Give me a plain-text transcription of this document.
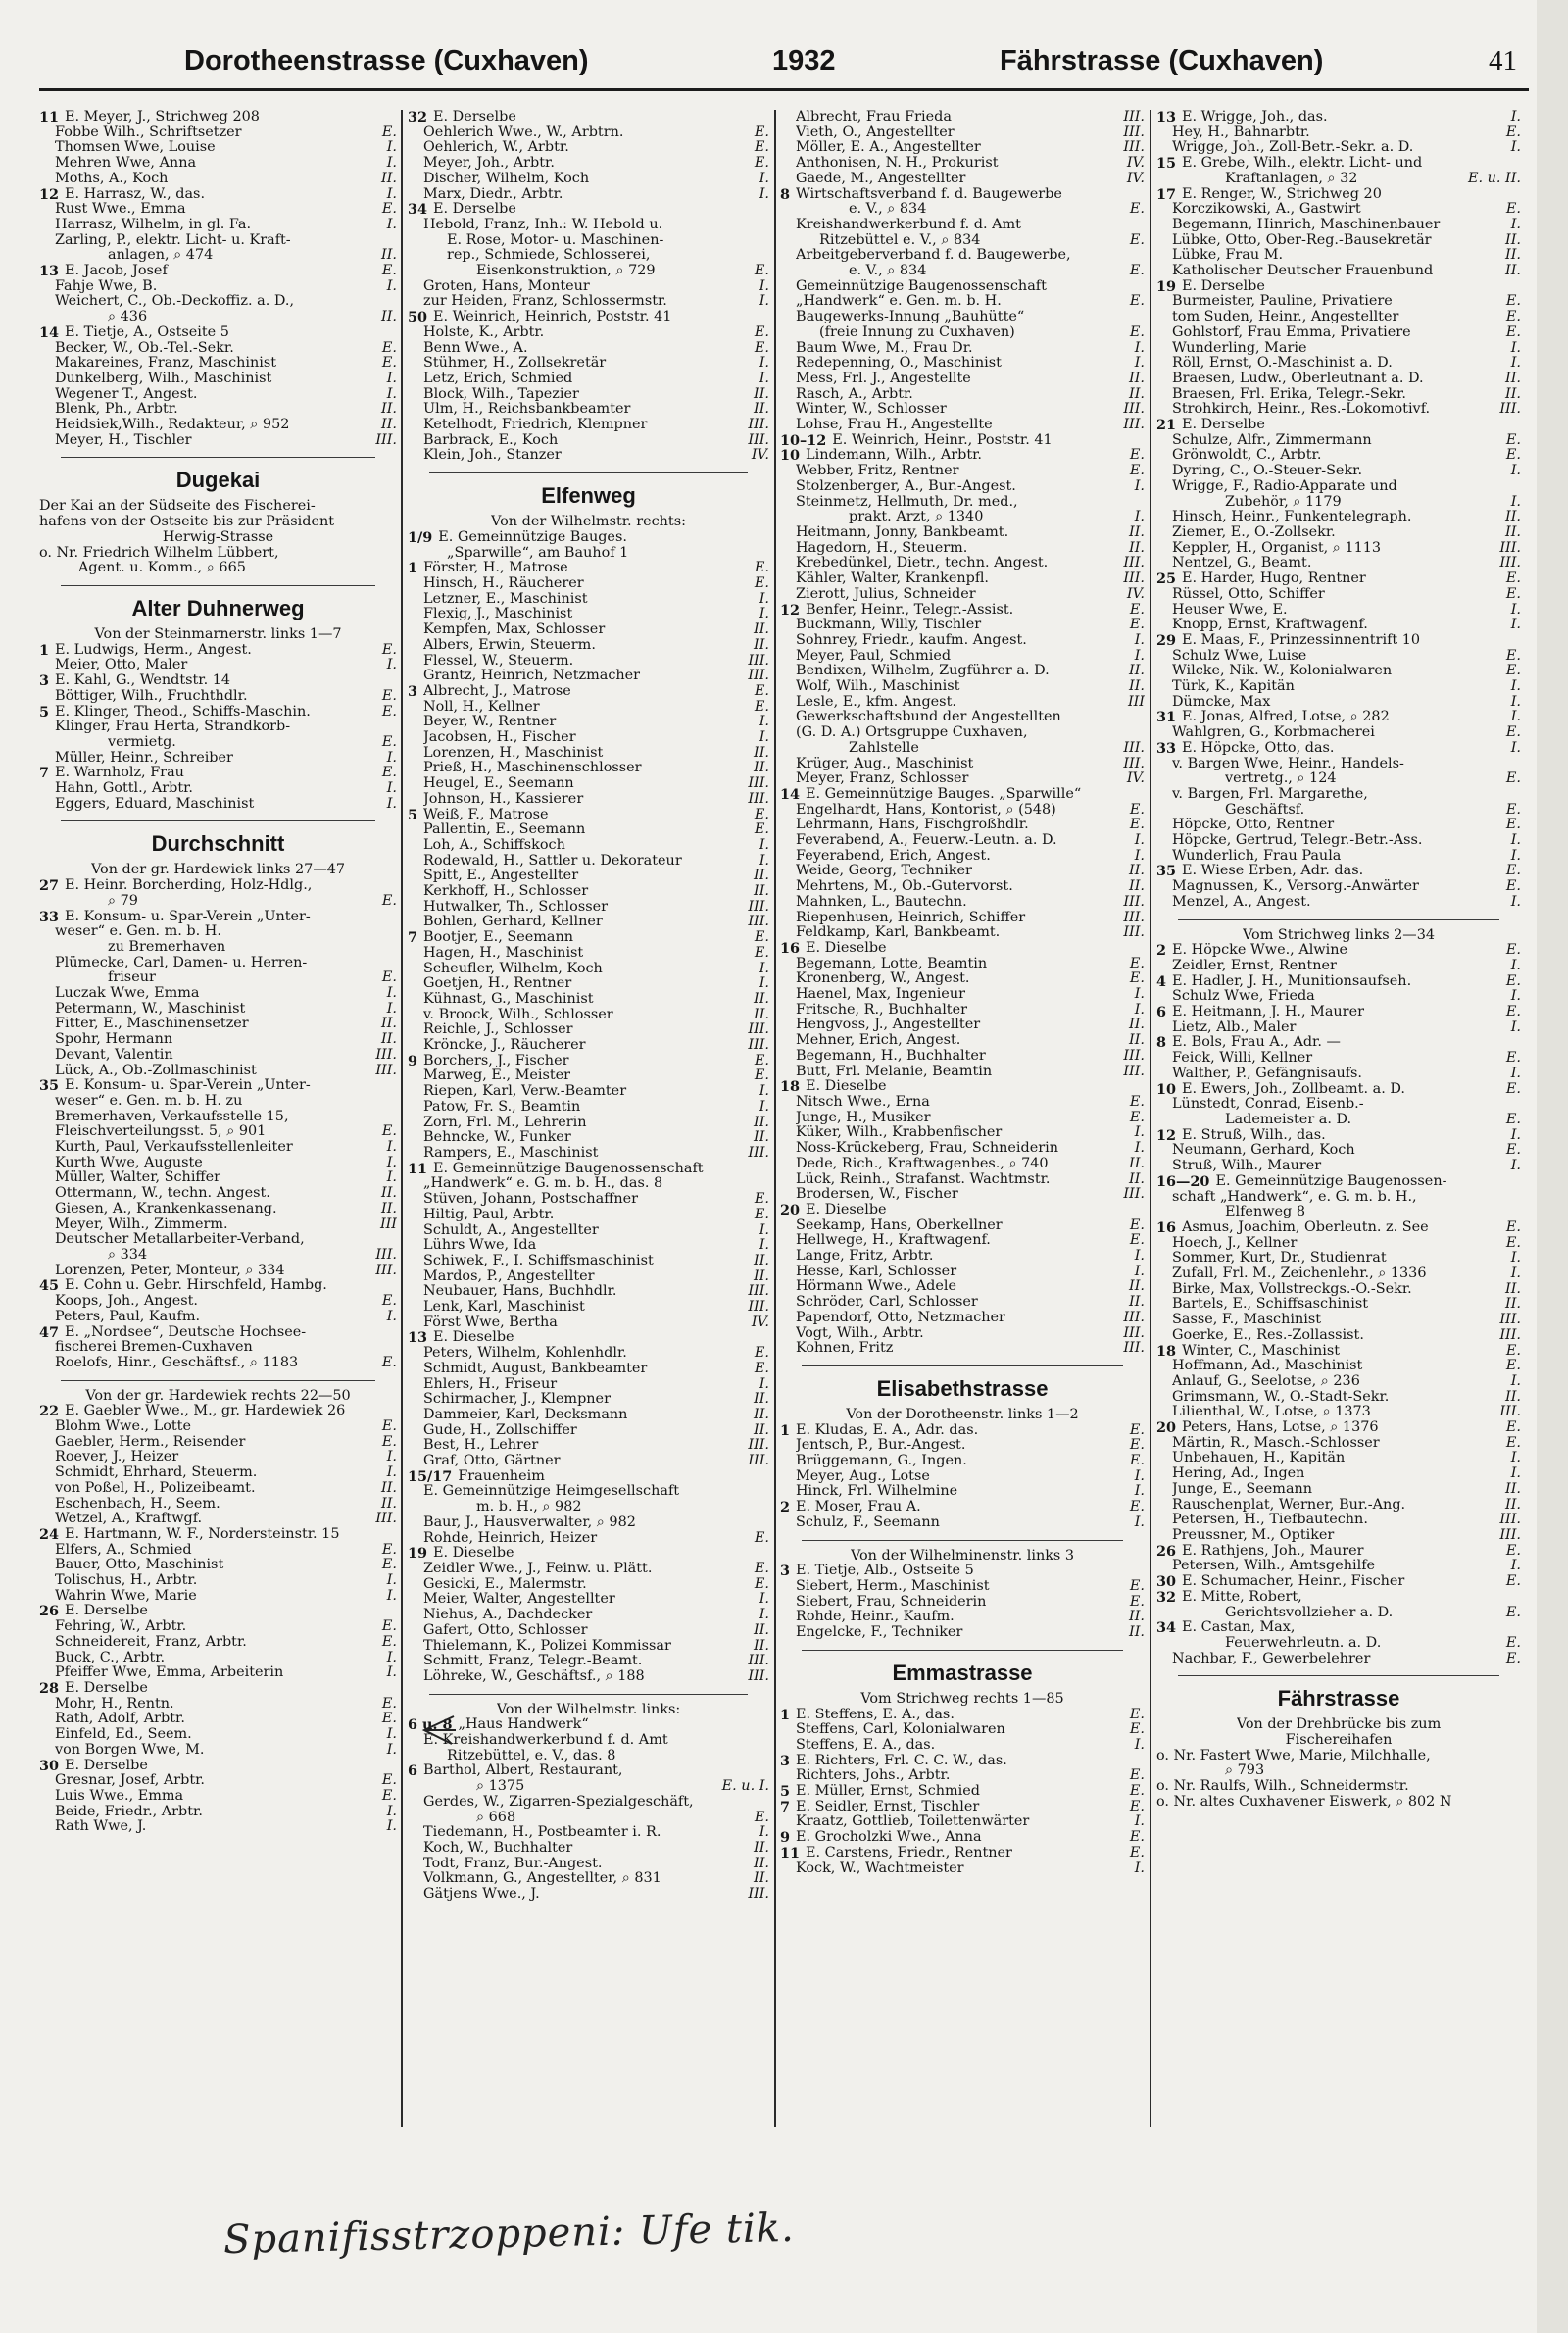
Dorotheenstrasse (Cuxhaven)	1932	Fährstrasse (Cuxhaven)	41
11 E. Meyer, J., Strichweg 208
Fobbe Wilh., Schriftsetzer	E.
Thomsen Wwe, Louise	I.
Mehren Wwe, Anna	I.
Moths, A., Koch	II.
12 E. Harrasz, W., das.	I.
Rust Wwe., Emma	E.
Harrasz, Wilhelm, in gl. Fa.	I.
Zarling, P., elektr. Licht- u. Kraft-
anlagen, ⌕ 474	II.
13 E. Jacob, Josef	E.
Fahje Wwe, B.	I.
Weichert, C., Ob.-Deckoffiz. a. D.,
⌕ 436	II.
14 E. Tietje, A., Ostseite 5
Becker, W., Ob.-Tel.-Sekr.	E.
Makareines, Franz, Maschinist	E.
Dunkelberg, Wilh., Maschinist	I.
Wegener T., Angest.	I.
Blenk, Ph., Arbtr.	II.
Heidsiek,Wilh., Redakteur, ⌕ 952	II.
Meyer, H., Tischler	III.
Dugekai
Der Kai an der Südseite des Fischerei-
hafens von der Ostseite bis zur Präsident
Herwig-Strasse
o. Nr. Friedrich Wilhelm Lübbert,
Agent. u. Komm., ⌕ 665
Alter Duhnerweg
Von der Steinmarnerstr. links 1—7
1 E. Ludwigs, Herm., Angest.	E.
Meier, Otto, Maler	I.
3 E. Kahl, G., Wendtstr. 14
Böttiger, Wilh., Fruchthdlr.	E.
5 E. Klinger, Theod., Schiffs-Maschin.	E.
Klinger, Frau Herta, Strandkorb-
vermietg.	E.
Müller, Heinr., Schreiber	I.
7 E. Warnholz, Frau	E.
Hahn, Gottl., Arbtr.	I.
Eggers, Eduard, Maschinist	I.
Durchschnitt
Von der gr. Hardewiek links 27—47
27 E. Heinr. Borcherding, Holz-Hdlg.,
⌕ 79	E.
33 E. Konsum- u. Spar-Verein „Unter-
weser“ e. Gen. m. b. H.
zu Bremerhaven
Plümecke, Carl, Damen- u. Herren-
friseur	E.
Luczak Wwe, Emma	I.
Petermann, W., Maschinist	I.
Fitter, E., Maschinensetzer	II.
Spohr, Hermann	II.
Devant, Valentin	III.
Lück, A., Ob.-Zollmaschinist	III.
35 E. Konsum- u. Spar-Verein „Unter-
weser“ e. Gen. m. b. H. zu
Bremerhaven, Verkaufsstelle 15,
Fleischverteilungsst. 5, ⌕ 901	E.
Kurth, Paul, Verkaufsstellenleiter	I.
Kurth Wwe, Auguste	I.
Müller, Walter, Schiffer	I.
Ottermann, W., techn. Angest.	II.
Giesen, A., Krankenkassenang.	II.
Meyer, Wilh., Zimmerm.	III
Deutscher Metallarbeiter-Verband,
⌕ 334	III.
Lorenzen, Peter, Monteur, ⌕ 334	III.
45 E. Cohn u. Gebr. Hirschfeld, Hambg.
Koops, Joh., Angest.	E.
Peters, Paul, Kaufm.	I.
47 E. „Nordsee“, Deutsche Hochsee-
fischerei Bremen-Cuxhaven
Roelofs, Hinr., Geschäftsf., ⌕ 1183	E.
Von der gr. Hardewiek rechts 22—50
22 E. Gaebler Wwe., M., gr. Hardewiek 26
Blohm Wwe., Lotte	E.
Gaebler, Herm., Reisender	E.
Roever, J., Heizer	I.
Schmidt, Ehrhard, Steuerm.	I.
von Poßel, H., Polizeibeamt.	II.
Eschenbach, H., Seem.	II.
Wetzel, A., Kraftwgf.	III.
24 E. Hartmann, W. F., Nordersteinstr. 15
Elfers, A., Schmied	E.
Bauer, Otto, Maschinist	E.
Tolischus, H., Arbtr.	I.
Wahrin Wwe, Marie	I.
26 E. Derselbe
Fehring, W., Arbtr.	E.
Schneidereit, Franz, Arbtr.	E.
Buck, C., Arbtr.	I.
Pfeiffer Wwe, Emma, Arbeiterin	I.
28 E. Derselbe
Mohr, H., Rentn.	E.
Rath, Adolf, Arbtr.	E.
Einfeld, Ed., Seem.	I.
von Borgen Wwe, M.	I.
30 E. Derselbe
Gresnar, Josef, Arbtr.	E.
Luis Wwe., Emma	E.
Beide, Friedr., Arbtr.	I.
Rath Wwe, J.	I.
32 E. Derselbe
Oehlerich Wwe., W., Arbtrn.	E.
Oehlerich, W., Arbtr.	E.
Meyer, Joh., Arbtr.	E.
Discher, Wilhelm, Koch	I.
Marx, Diedr., Arbtr.	I.
34 E. Derselbe
Hebold, Franz, Inh.: W. Hebold u.
E. Rose, Motor- u. Maschinen-
rep., Schmiede, Schlosserei,
Eisenkonstruktion, ⌕ 729	E.
Groten, Hans, Monteur	I.
zur Heiden, Franz, Schlossermstr.	I.
50 E. Weinrich, Heinrich, Poststr. 41
Holste, K., Arbtr.	E.
Benn Wwe., A.	E.
Stühmer, H., Zollsekretär	I.
Letz, Erich, Schmied	I.
Block, Wilh., Tapezier	II.
Ulm, H., Reichsbankbeamter	II.
Ketelhodt, Friedrich, Klempner	III.
Barbrack, E., Koch	III.
Klein, Joh., Stanzer	IV.
Elfenweg
Von der Wilhelmstr. rechts:
1/9 E. Gemeinnützige Bauges.
„Sparwille“, am Bauhof 1
1 Förster, H., Matrose	E.
Hinsch, H., Räucherer	E.
Letzner, E., Maschinist	I.
Flexig, J., Maschinist	I.
Kempfen, Max, Schlosser	II.
Albers, Erwin, Steuerm.	II.
Flessel, W., Steuerm.	III.
Grantz, Heinrich, Netzmacher	III.
3 Albrecht, J., Matrose	E.
Noll, H., Kellner	E.
Beyer, W., Rentner	I.
Jacobsen, H., Fischer	I.
Lorenzen, H., Maschinist	II.
Prieß, H., Maschinenschlosser	II.
Heugel, E., Seemann	III.
Johnson, H., Kassierer	III.
5 Weiß, F., Matrose	E.
Pallentin, E., Seemann	E.
Loh, A., Schiffskoch	I.
Rodewald, H., Sattler u. Dekorateur	I.
Spitt, E., Angestellter	II.
Kerkhoff, H., Schlosser	II.
Hutwalker, Th., Schlosser	III.
Bohlen, Gerhard, Kellner	III.
7 Bootjer, E., Seemann	E.
Hagen, H., Maschinist	E.
Scheufler, Wilhelm, Koch	I.
Goetjen, H., Rentner	I.
Kühnast, G., Maschinist	II.
v. Broock, Wilh., Schlosser	II.
Reichle, J., Schlosser	III.
Kröncke, J., Räucherer	III.
9 Borchers, J., Fischer	E.
Marweg, E., Meister	E.
Riepen, Karl, Verw.-Beamter	I.
Patow, Fr. S., Beamtin	I.
Zorn, Frl. M., Lehrerin	II.
Behncke, W., Funker	II.
Rampers, E., Maschinist	III.
11 E. Gemeinnützige Baugenossenschaft
„Handwerk“ e. G. m. b. H., das. 8
Stüven, Johann, Postschaffner	E.
Hiltig, Paul, Arbtr.	E.
Schuldt, A., Angestellter	I.
Lührs Wwe, Ida	I.
Schiwek, F., I. Schiffsmaschinist	II.
Mardos, P., Angestellter	II.
Neubauer, Hans, Buchhdlr.	III.
Lenk, Karl, Maschinist	III.
Först Wwe, Bertha	IV.
13 E. Dieselbe
Peters, Wilhelm, Kohlenhdlr.	E.
Schmidt, August, Bankbeamter	E.
Ehlers, H., Friseur	I.
Schirmacher, J., Klempner	II.
Dammeier, Karl, Decksmann	II.
Gude, H., Zollschiffer	II.
Best, H., Lehrer	III.
Graf, Otto, Gärtner	III.
15/17 Frauenheim
E. Gemeinnützige Heimgesellschaft
m. b. H., ⌕ 982
Baur, J., Hausverwalter, ⌕ 982
Rohde, Heinrich, Heizer	E.
19 E. Dieselbe
Zeidler Wwe., J., Feinw. u. Plätt.	E.
Gesicki, E., Malermstr.	E.
Meier, Walter, Angestellter	I.
Niehus, A., Dachdecker	I.
Gafert, Otto, Schlosser	II.
Thielemann, K., Polizei Kommissar	II.
Schmitt, Franz, Telegr.-Beamt.	III.
Löhreke, W., Geschäftsf., ⌕ 188	III.
Von der Wilhelmstr. links:
6 u. 8 „Haus Handwerk“
E. Kreishandwerkerbund f. d. Amt
Ritzebüttel, e. V., das. 8
6 Barthol, Albert, Restaurant,
⌕ 1375	E. u. I.
Gerdes, W., Zigarren-Spezialgeschäft,
⌕ 668	E.
Tiedemann, H., Postbeamter i. R.	I.
Koch, W., Buchhalter	II.
Todt, Franz, Bur.-Angest.	II.
Volkmann, G., Angestellter, ⌕ 831	II.
Gätjens Wwe., J.	III.
Albrecht, Frau Frieda	III.
Vieth, O., Angestellter	III.
Möller, E. A., Angestellter	III.
Anthonisen, N. H., Prokurist	IV.
Gaede, M., Angestellter	IV.
8 Wirtschaftsverband f. d. Baugewerbe
e. V., ⌕ 834	E.
Kreishandwerkerbund f. d. Amt
Ritzebüttel e. V., ⌕ 834	E.
Arbeitgeberverband f. d. Baugewerbe,
e. V., ⌕ 834	E.
Gemeinnützige Baugenossenschaft
„Handwerk“ e. Gen. m. b. H.	E.
Baugewerks-Innung „Bauhütte“
(freie Innung zu Cuxhaven)	E.
Baum Wwe, M., Frau Dr.	I.
Redepenning, O., Maschinist	I.
Mess, Frl. J., Angestellte	II.
Rasch, A., Arbtr.	II.
Winter, W., Schlosser	III.
Lohse, Frau H., Angestellte	III.
10–12 E. Weinrich, Heinr., Poststr. 41
10 Lindemann, Wilh., Arbtr.	E.
Webber, Fritz, Rentner	E.
Stolzenberger, A., Bur.-Angest.	I.
Steinmetz, Hellmuth, Dr. med.,
prakt. Arzt, ⌕ 1340	I.
Heitmann, Jonny, Bankbeamt.	II.
Hagedorn, H., Steuerm.	II.
Krebedünkel, Dietr., techn. Angest.	III.
Kähler, Walter, Krankenpfl.	III.
Zierott, Julius, Schneider	IV.
12 Benfer, Heinr., Telegr.-Assist.	E.
Buckmann, Willy, Tischler	E.
Sohnrey, Friedr., kaufm. Angest.	I.
Meyer, Paul, Schmied	I.
Bendixen, Wilhelm, Zugführer a. D.	II.
Wolf, Wilh., Maschinist	II.
Lesle, E., kfm. Angest.	III
Gewerkschaftsbund der Angestellten
(G. D. A.) Ortsgruppe Cuxhaven,
Zahlstelle	III.
Krüger, Aug., Maschinist	III.
Meyer, Franz, Schlosser	IV.
14 E. Gemeinnützige Bauges. „Sparwille“
Engelhardt, Hans, Kontorist, ⌕ (548)	E.
Lehrmann, Hans, Fischgroßhdlr.	E.
Feverabend, A., Feuerw.-Leutn. a. D.	I.
Feyerabend, Erich, Angest.	I.
Weide, Georg, Techniker	II.
Mehrtens, M., Ob.-Gutervorst.	II.
Mahnken, L., Bautechn.	III.
Riepenhusen, Heinrich, Schiffer	III.
Feldkamp, Karl, Bankbeamt.	III.
16 E. Dieselbe
Begemann, Lotte, Beamtin	E.
Kronenberg, W., Angest.	E.
Haenel, Max, Ingenieur	I.
Fritsche, R., Buchhalter	I.
Hengvoss, J., Angestellter	II.
Mehner, Erich, Angest.	II.
Begemann, H., Buchhalter	III.
Butt, Frl. Melanie, Beamtin	III.
18 E. Dieselbe
Nitsch Wwe., Erna	E.
Junge, H., Musiker	E.
Küker, Wilh., Krabbenfischer	I.
Noss-Krückeberg, Frau, Schneiderin	I.
Dede, Rich., Kraftwagenbes., ⌕ 740	II.
Lück, Reinh., Strafanst. Wachtmstr.	II.
Brodersen, W., Fischer	III.
20 E. Dieselbe
Seekamp, Hans, Oberkellner	E.
Hellwege, H., Kraftwagenf.	E.
Lange, Fritz, Arbtr.	I.
Hesse, Karl, Schlosser	I.
Hörmann Wwe., Adele	II.
Schröder, Carl, Schlosser	II.
Papendorf, Otto, Netzmacher	III.
Vogt, Wilh., Arbtr.	III.
Kohnen, Fritz	III.
Elisabethstrasse
Von der Dorotheenstr. links 1—2
1 E. Kludas, E. A., Adr. das.	E.
Jentsch, P., Bur.-Angest.	E.
Brüggemann, G., Ingen.	E.
Meyer, Aug., Lotse	I.
Hinck, Frl. Wilhelmine	I.
2 E. Moser, Frau A.	E.
Schulz, F., Seemann	I.
Von der Wilhelminenstr. links 3
3 E. Tietje, Alb., Ostseite 5
Siebert, Herm., Maschinist	E.
Siebert, Frau, Schneiderin	E.
Rohde, Heinr., Kaufm.	II.
Engelcke, F., Techniker	II.
Emmastrasse
Vom Strichweg rechts 1—85
1 E. Steffens, E. A., das.	E.
Steffens, Carl, Kolonialwaren	E.
Steffens, E. A., das.	I.
3 E. Richters, Frl. C. C. W., das.
Richters, Johs., Arbtr.	E.
5 E. Müller, Ernst, Schmied	E.
7 E. Seidler, Ernst, Tischler	E.
Kraatz, Gottlieb, Toilettenwärter	I.
9 E. Grocholzki Wwe., Anna	E.
11 E. Carstens, Friedr., Rentner	E.
Kock, W., Wachtmeister	I.
13 E. Wrigge, Joh., das.	I.
Hey, H., Bahnarbtr.	E.
Wrigge, Joh., Zoll-Betr.-Sekr. a. D.	I.
15 E. Grebe, Wilh., elektr. Licht- und
Kraftanlagen, ⌕ 32	E. u. II.
17 E. Renger, W., Strichweg 20
Korczikowski, A., Gastwirt	E.
Begemann, Hinrich, Maschinenbauer	I.
Lübke, Otto, Ober-Reg.-Bausekretär	II.
Lübke, Frau M.	II.
Katholischer Deutscher Frauenbund	II.
19 E. Derselbe
Burmeister, Pauline, Privatiere	E.
tom Suden, Heinr., Angestellter	E.
Gohlstorf, Frau Emma, Privatiere	E.
Wunderling, Marie	I.
Röll, Ernst, O.-Maschinist a. D.	I.
Braesen, Ludw., Oberleutnant a. D.	II.
Braesen, Frl. Erika, Telegr.-Sekr.	II.
Strohkirch, Heinr., Res.-Lokomotivf.	III.
21 E. Derselbe
Schulze, Alfr., Zimmermann	E.
Grönwoldt, C., Arbtr.	E.
Dyring, C., O.-Steuer-Sekr.	I.
Wrigge, F., Radio-Apparate und
Zubehör, ⌕ 1179	I.
Hinsch, Heinr., Funkentelegraph.	II.
Ziemer, E., O.-Zollsekr.	II.
Keppler, H., Organist, ⌕ 1113	III.
Nentzel, G., Beamt.	III.
25 E. Harder, Hugo, Rentner	E.
Rüssel, Otto, Schiffer	E.
Heuser Wwe, E.	I.
Knopp, Ernst, Kraftwagenf.	I.
29 E. Maas, F., Prinzessinnentrift 10
Schulz Wwe, Luise	E.
Wilcke, Nik. W., Kolonialwaren	E.
Türk, K., Kapitän	I.
Dümcke, Max	I.
31 E. Jonas, Alfred, Lotse, ⌕ 282	I.
Wahlgren, G., Korbmacherei	E.
33 E. Höpcke, Otto, das.	I.
v. Bargen Wwe, Heinr., Handels-
vertretg., ⌕ 124	E.
v. Bargen, Frl. Margarethe,
Geschäftsf.	E.
Höpcke, Otto, Rentner	E.
Höpcke, Gertrud, Telegr.-Betr.-Ass.	I.
Wunderlich, Frau Paula	I.
35 E. Wiese Erben, Adr. das.	E.
Magnussen, K., Versorg.-Anwärter	E.
Menzel, A., Angest.	I.
Vom Strichweg links 2—34
2 E. Höpcke Wwe., Alwine	E.
Zeidler, Ernst, Rentner	I.
4 E. Hadler, J. H., Munitionsaufseh.	E.
Schulz Wwe, Frieda	I.
6 E. Heitmann, J. H., Maurer	E.
Lietz, Alb., Maler	I.
8 E. Bols, Frau A., Adr. —
Feick, Willi, Kellner	E.
Walther, P., Gefängnisaufs.	I.
10 E. Ewers, Joh., Zollbeamt. a. D.	E.
Lünstedt, Conrad, Eisenb.-
Lademeister a. D.	E.
12 E. Struß, Wilh., das.	I.
Neumann, Gerhard, Koch	E.
Struß, Wilh., Maurer	I.
16—20 E. Gemeinnützige Baugenossen-
schaft „Handwerk“, e. G. m. b. H.,
Elfenweg 8
16 Asmus, Joachim, Oberleutn. z. See	E.
Hoech, J., Kellner	E.
Sommer, Kurt, Dr., Studienrat	I.
Zufall, Frl. M., Zeichenlehr., ⌕ 1336	I.
Birke, Max, Vollstreckgs.-O.-Sekr.	II.
Bartels, E., Schiffsaschinist	II.
Sasse, F., Maschinist	III.
Goerke, E., Res.-Zollassist.	III.
18 Winter, C., Maschinist	E.
Hoffmann, Ad., Maschinist	E.
Anlauf, G., Seelotse, ⌕ 236	I.
Grimsmann, W., O.-Stadt-Sekr.	II.
Lilienthal, W., Lotse, ⌕ 1373	III.
20 Peters, Hans, Lotse, ⌕ 1376	E.
Märtin, R., Masch.-Schlosser	E.
Unbehauen, H., Kapitän	I.
Hering, Ad., Ingen	I.
Junge, E., Seemann	II.
Rauschenplat, Werner, Bur.-Ang.	II.
Petersen, H., Tiefbautechn.	III.
Preussner, M., Optiker	III.
26 E. Rathjens, Joh., Maurer	E.
Petersen, Wilh., Amtsgehilfe	I.
30 E. Schumacher, Heinr., Fischer	E.
32 E. Mitte, Robert,
Gerichtsvollzieher a. D.	E.
34 E. Castan, Max,
Feuerwehrleutn. a. D.	E.
Nachbar, F., Gewerbelehrer	E.
Fährstrasse
Von der Drehbrücke bis zum
Fischereihafen
o. Nr. Fastert Wwe, Marie, Milchhalle,
⌕ 793
o. Nr. Raulfs, Wilh., Schneidermstr.
o. Nr. altes Cuxhavener Eiswerk, ⌕ 802 N
Spanifisstrzoppeni: Ufe tik.
